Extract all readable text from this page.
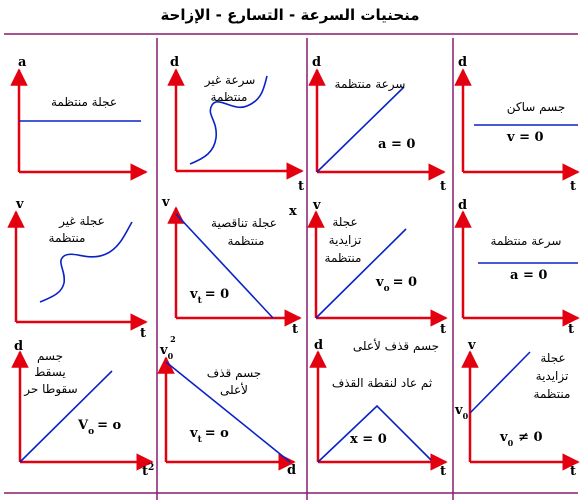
منحنيات السرعة - التسارع - الإزاحة
a
عجلة منتظمة
d
t
سرعة غير
منتظمة
d
t
سرعة منتظمة
a = 0
d
t
جسم ساكن
v = 0
v
t
عجلة غير
منتظمة
v
t
x
عجلة تناقصية
منتظمة
$v_t = 0$
v
t
عجلة
تزايدية
منتظمة
$v_o = 0$
d
t
سرعة منتظمة
a = 0
d
$t^2$
جسم
يسقط
سقوطا حر
$V_o = o$
$v_02$
d
جسم قذف
لأعلى
$v_t = o$
d
t
جسم قذف لأعلى
ثم عاد لنقطة القذف
x = 0
v
t
$v_0$
عجلة
تزايدية
منتظمة
$v_0 \ne 0$
